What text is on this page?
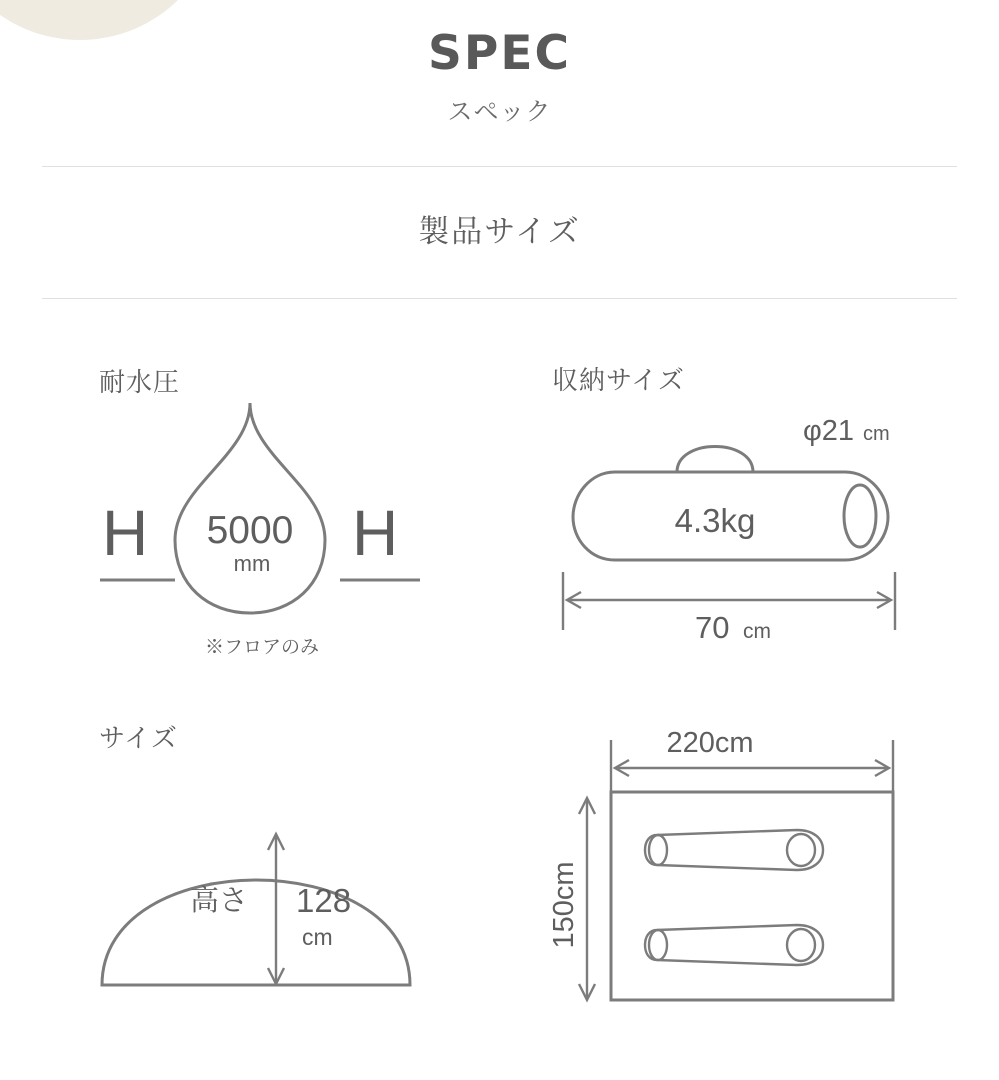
SPEC
スペック
製品サイズ
耐水圧
H	H
5000
mm
※フロアのみ
収納サイズ
4.3kg
φ21 cm
70 cm
サイズ
高さ 128
cm
220cm
150cm
